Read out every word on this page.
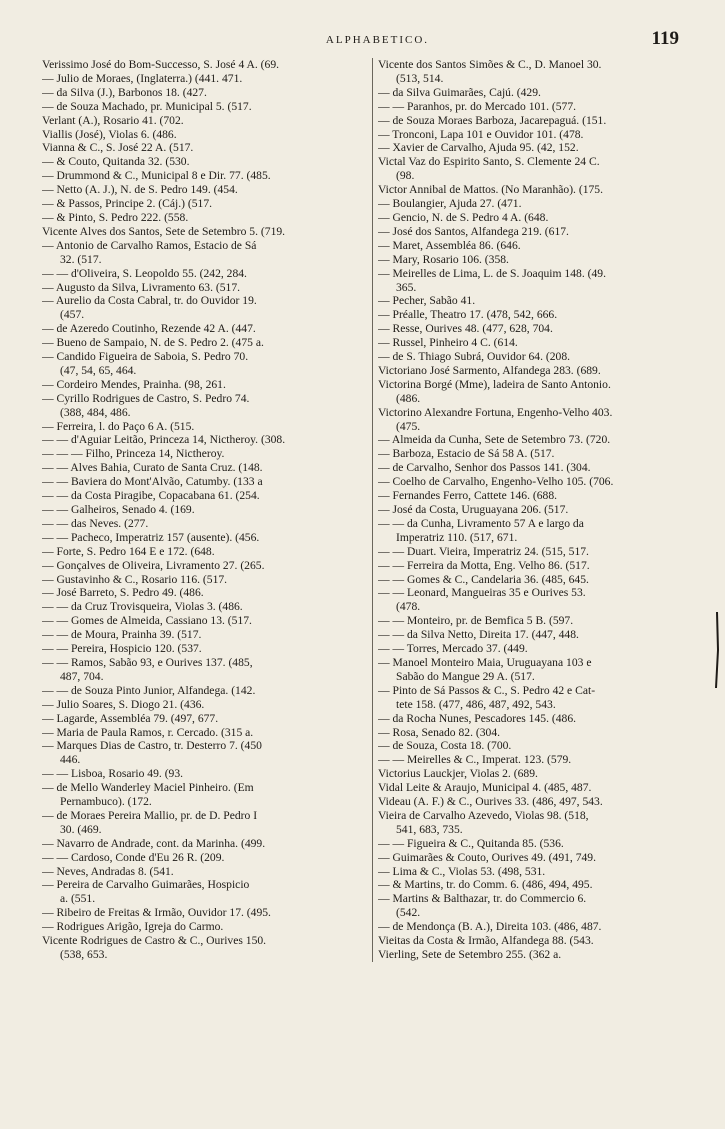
ALPHABETICO.	119
Verissimo José do Bom-Successo, S. José 4 A. (69.
— Julio de Moraes, (Inglaterra.) (441. 471.
— da Silva (J.), Barbonos 18. (427.
— de Souza Machado, pr. Municipal 5. (517.
Verlant (A.), Rosario 41. (702.
Viallis (José), Violas 6. (486.
Vianna & C., S. José 22 A. (517.
— & Couto, Quitanda 32. (530.
— Drummond & C., Municipal 8 e Dir. 77. (485.
— Netto (A. J.), N. de S. Pedro 149. (454.
— & Passos, Principe 2. (Cáj.) (517.
— & Pinto, S. Pedro 222. (558.
Vicente Alves dos Santos, Sete de Setembro 5. (719.
— Antonio de Carvalho Ramos, Estacio de Sá
32. (517.
— — d'Oliveira, S. Leopoldo 55. (242, 284.
— Augusto da Silva, Livramento 63. (517.
— Aurelio da Costa Cabral, tr. do Ouvidor 19.
(457.
— de Azeredo Coutinho, Rezende 42 A. (447.
— Bueno de Sampaio, N. de S. Pedro 2. (475 a.
— Candido Figueira de Saboia, S. Pedro 70.
(47, 54, 65, 464.
— Cordeiro Mendes, Prainha. (98, 261.
— Cyrillo Rodrigues de Castro, S. Pedro 74.
(388, 484, 486.
— Ferreira, l. do Paço 6 A. (515.
— — d'Aguiar Leitão, Princeza 14, Nictheroy. (308.
— — — Filho, Princeza 14, Nictheroy.
— — Alves Bahia, Curato de Santa Cruz. (148.
— — Baviera do Mont'Alvão, Catumby. (133 a
— — da Costa Piragibe, Copacabana 61. (254.
— — Galheiros, Senado 4. (169.
— — das Neves. (277.
— — Pacheco, Imperatriz 157 (ausente). (456.
— Forte, S. Pedro 164 E e 172. (648.
— Gonçalves de Oliveira, Livramento 27. (265.
— Gustavinho & C., Rosario 116. (517.
— José Barreto, S. Pedro 49. (486.
— — da Cruz Trovisqueira, Violas 3. (486.
— — Gomes de Almeida, Cassiano 13. (517.
— — de Moura, Prainha 39. (517.
— — Pereira, Hospicio 120. (537.
— — Ramos, Sabão 93, e Ourives 137. (485,
487, 704.
— — de Souza Pinto Junior, Alfandega. (142.
— Julio Soares, S. Diogo 21. (436.
— Lagarde, Assembléa 79. (497, 677.
— Maria de Paula Ramos, r. Cercado. (315 a.
— Marques Dias de Castro, tr. Desterro 7. (450
446.
— — Lisboa, Rosario 49. (93.
— de Mello Wanderley Maciel Pinheiro. (Em
Pernambuco). (172.
— de Moraes Pereira Mallio, pr. de D. Pedro I
30. (469.
— Navarro de Andrade, cont. da Marinha. (499.
— — Cardoso, Conde d'Eu 26 R. (209.
— Neves, Andradas 8. (541.
— Pereira de Carvalho Guimarães, Hospicio
a. (551.
— Ribeiro de Freitas & Irmão, Ouvidor 17. (495.
— Rodrigues Arigão, Igreja do Carmo.
Vicente Rodrigues de Castro & C., Ourives 150.
(538, 653.
Vicente dos Santos Simões & C., D. Manoel 30.
(513, 514.
— da Silva Guimarães, Cajú. (429.
— — Paranhos, pr. do Mercado 101. (577.
— de Souza Moraes Barboza, Jacarepaguá. (151.
— Tronconi, Lapa 101 e Ouvidor 101. (478.
— Xavier de Carvalho, Ajuda 95. (42, 152.
Victal Vaz do Espirito Santo, S. Clemente 24 C.
(98.
Victor Annibal de Mattos. (No Maranhão). (175.
— Boulangier, Ajuda 27. (471.
— Gencio, N. de S. Pedro 4 A. (648.
— José dos Santos, Alfandega 219. (617.
— Maret, Assembléa 86. (646.
— Mary, Rosario 106. (358.
— Meirelles de Lima, L. de S. Joaquim 148. (49.
365.
— Pecher, Sabão 41.
— Préalle, Theatro 17. (478, 542, 666.
— Resse, Ourives 48. (477, 628, 704.
— Russel, Pinheiro 4 C. (614.
— de S. Thiago Subrá, Ouvidor 64. (208.
Victoriano José Sarmento, Alfandega 283. (689.
Victorina Borgé (Mme), ladeira de Santo Antonio.
(486.
Victorino Alexandre Fortuna, Engenho-Velho 403.
(475.
— Almeida da Cunha, Sete de Setembro 73. (720.
— Barboza, Estacio de Sá 58 A. (517.
— de Carvalho, Senhor dos Passos 141. (304.
— Coelho de Carvalho, Engenho-Velho 105. (706.
— Fernandes Ferro, Cattete 146. (688.
— José da Costa, Uruguayana 206. (517.
— — da Cunha, Livramento 57 A e largo da
Imperatriz 110. (517, 671.
— — Duart. Vieira, Imperatriz 24. (515, 517.
— — Ferreira da Motta, Eng. Velho 86. (517.
— — Gomes & C., Candelaria 36. (485, 645.
— — Leonard, Mangueiras 35 e Ourives 53.
(478.
— — Monteiro, pr. de Bemfica 5 B. (597.
— — da Silva Netto, Direita 17. (447, 448.
— — Torres, Mercado 37. (449.
— Manoel Monteiro Maia, Uruguayana 103 e
Sabão do Mangue 29 A. (517.
— Pinto de Sá Passos & C., S. Pedro 42 e Cat-
tete 158. (477, 486, 487, 492, 543.
— da Rocha Nunes, Pescadores 145. (486.
— Rosa, Senado 82. (304.
— de Souza, Costa 18. (700.
— — Meirelles & C., Imperat. 123. (579.
Victorius Lauckjer, Violas 2. (689.
Vidal Leite & Araujo, Municipal 4. (485, 487.
Videau (A. F.) & C., Ourives 33. (486, 497, 543.
Vieira de Carvalho Azevedo, Violas 98. (518,
541, 683, 735.
— — Figueira & C., Quitanda 85. (536.
— Guimarães & Couto, Ourives 49. (491, 749.
— Lima & C., Violas 53. (498, 531.
— & Martins, tr. do Comm. 6. (486, 494, 495.
— Martins & Balthazar, tr. do Commercio 6.
(542.
— de Mendonça (B. A.), Direita 103. (486, 487.
Vieitas da Costa & Irmão, Alfandega 88. (543.
Vierling, Sete de Setembro 255. (362 a.
